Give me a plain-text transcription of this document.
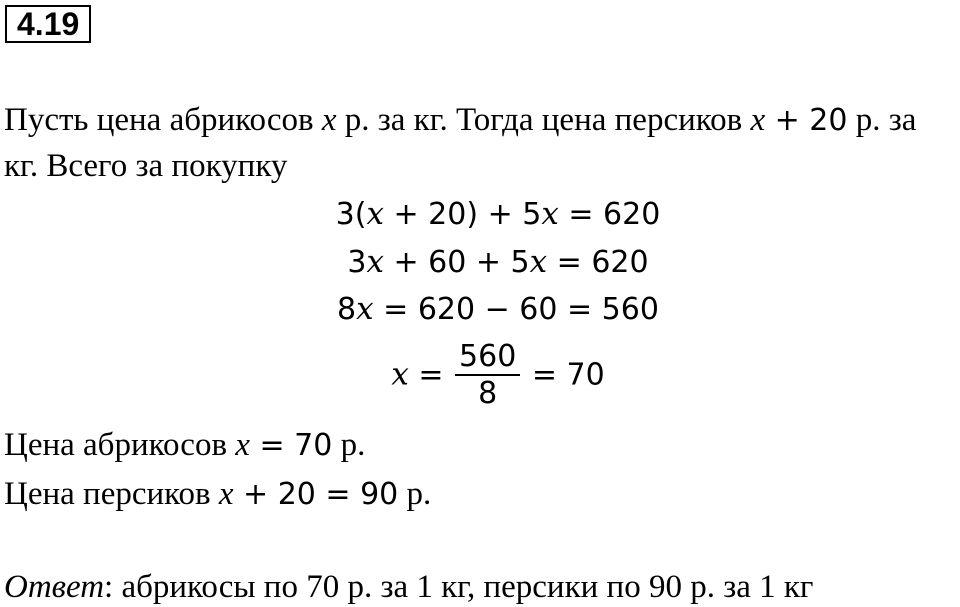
4.19
Пусть цена абрикосов x р. за кг. Тогда цена персиков x + 20 р. за
кг. Всего за покупку
3(x + 20) + 5x = 620
3x + 60 + 5x = 620
8x = 620 − 60 = 560
$x = \frac{560}{8} = 70$
Цена абрикосов x = 70 р.
Цена персиков x + 20 = 90 р.
Ответ: абрикосы по 70 р. за 1 кг, персики по 90 р. за 1 кг
